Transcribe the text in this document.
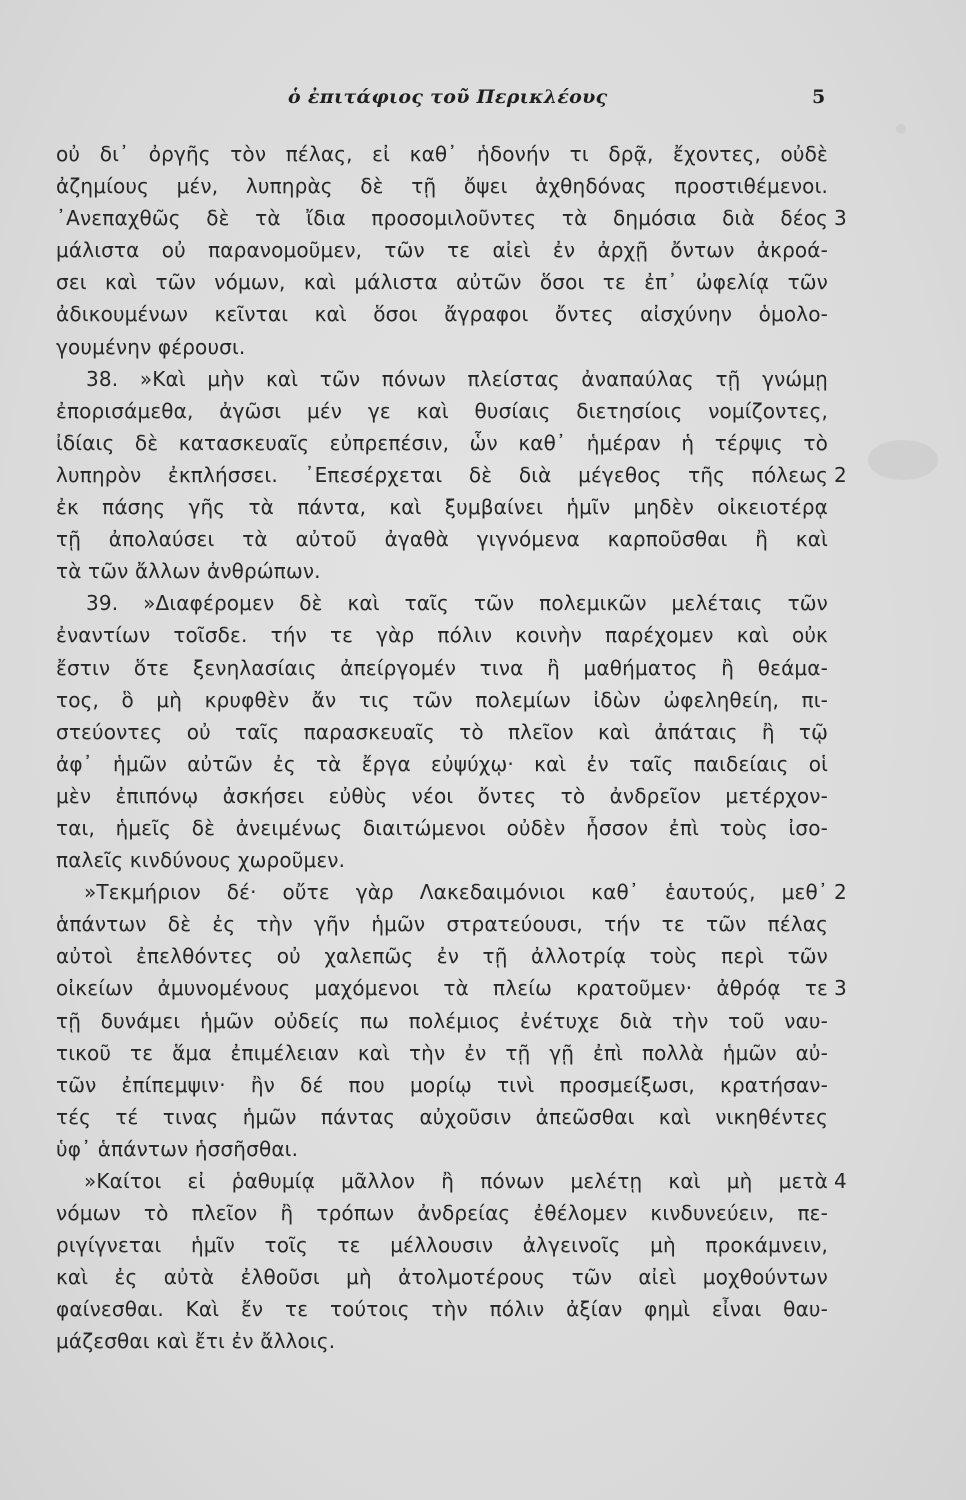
ὁ ἐπιτάφιος τοῦ Περικλέους	5
οὐ δι᾽ ὀργῆς τὸν πέλας, εἰ καθ᾽ ἡδονήν τι δρᾷ, ἔχοντες, οὐδὲ
ἀζημίους μέν, λυπηρὰς δὲ τῇ ὄψει ἀχθηδόνας προστιθέμενοι.
᾽Ανεπαχθῶς δὲ τὰ ἴδια προσομιλοῦντες τὰ δημόσια διὰ δέος
μάλιστα οὐ παρανομοῦμεν, τῶν τε αἰεὶ ἐν ἀρχῇ ὄντων ἀκροά-
σει καὶ τῶν νόμων, καὶ μάλιστα αὐτῶν ὅσοι τε ἐπ᾽ ὠφελίᾳ τῶν
ἀδικουμένων κεῖνται καὶ ὅσοι ἄγραφοι ὄντες αἰσχύνην ὁμολο-
γουμένην φέρουσι.
38. »Καὶ μὴν καὶ τῶν πόνων πλείστας ἀναπαύλας τῇ γνώμῃ
ἐπορισάμεθα, ἀγῶσι μέν γε καὶ θυσίαις διετησίοις νομίζοντες,
ἰδίαις δὲ κατασκευαῖς εὐπρεπέσιν, ὧν καθ᾽ ἡμέραν ἡ τέρψις τὸ
λυπηρὸν ἐκπλήσσει. ᾽Επεσέρχεται δὲ διὰ μέγεθος τῆς πόλεως
ἐκ πάσης γῆς τὰ πάντα, καὶ ξυμβαίνει ἡμῖν μηδὲν οἰκειοτέρᾳ
τῇ ἀπολαύσει τὰ αὐτοῦ ἀγαθὰ γιγνόμενα καρποῦσθαι ἢ καὶ
τὰ τῶν ἄλλων ἀνθρώπων.
39. »Διαφέρομεν δὲ καὶ ταῖς τῶν πολεμικῶν μελέταις τῶν
ἐναντίων τοῖσδε. τήν τε γὰρ πόλιν κοινὴν παρέχομεν καὶ οὐκ
ἔστιν ὅτε ξενηλασίαις ἀπείργομέν τινα ἢ μαθήματος ἢ θεάμα-
τος, ὃ μὴ κρυφθὲν ἄν τις τῶν πολεμίων ἰδὼν ὠφεληθείη, πι-
στεύοντες οὐ ταῖς παρασκευαῖς τὸ πλεῖον καὶ ἀπάταις ἢ τῷ
ἀφ᾽ ἡμῶν αὐτῶν ἐς τὰ ἔργα εὐψύχῳ· καὶ ἐν ταῖς παιδείαις οἱ
μὲν ἐπιπόνῳ ἀσκήσει εὐθὺς νέοι ὄντες τὸ ἀνδρεῖον μετέρχον-
ται, ἡμεῖς δὲ ἀνειμένως διαιτώμενοι οὐδὲν ἧσσον ἐπὶ τοὺς ἰσο-
παλεῖς κινδύνους χωροῦμεν.
»Τεκμήριον δέ· οὔτε γὰρ Λακεδαιμόνιοι καθ᾽ ἑαυτούς, μεθ᾽
ἁπάντων δὲ ἐς τὴν γῆν ἡμῶν στρατεύουσι, τήν τε τῶν πέλας
αὐτοὶ ἐπελθόντες οὐ χαλεπῶς ἐν τῇ ἀλλοτρίᾳ τοὺς περὶ τῶν
οἰκείων ἀμυνομένους μαχόμενοι τὰ πλείω κρατοῦμεν· ἀθρόᾳ τε
τῇ δυνάμει ἡμῶν οὐδείς πω πολέμιος ἐνέτυχε διὰ τὴν τοῦ ναυ-
τικοῦ τε ἅμα ἐπιμέλειαν καὶ τὴν ἐν τῇ γῇ ἐπὶ πολλὰ ἡμῶν αὐ-
τῶν ἐπίπεμψιν· ἢν δέ που μορίῳ τινὶ προσμείξωσι, κρατήσαν-
τές τέ τινας ἡμῶν πάντας αὐχοῦσιν ἀπεῶσθαι καὶ νικηθέντες
ὑφ᾽ ἁπάντων ἡσσῆσθαι.
»Καίτοι εἰ ῥαθυμίᾳ μᾶλλον ἢ πόνων μελέτῃ καὶ μὴ μετὰ
νόμων τὸ πλεῖον ἢ τρόπων ἀνδρείας ἐθέλομεν κινδυνεύειν, πε-
ριγίγνεται ἡμῖν τοῖς τε μέλλουσιν ἀλγεινοῖς μὴ προκάμνειν,
καὶ ἐς αὐτὰ ἐλθοῦσι μὴ ἀτολμοτέρους τῶν αἰεὶ μοχθούντων
φαίνεσθαι. Καὶ ἔν τε τούτοις τὴν πόλιν ἀξίαν φημὶ εἶναι θαυ-
μάζεσθαι καὶ ἔτι ἐν ἄλλοις.
3
2
2
3
4
